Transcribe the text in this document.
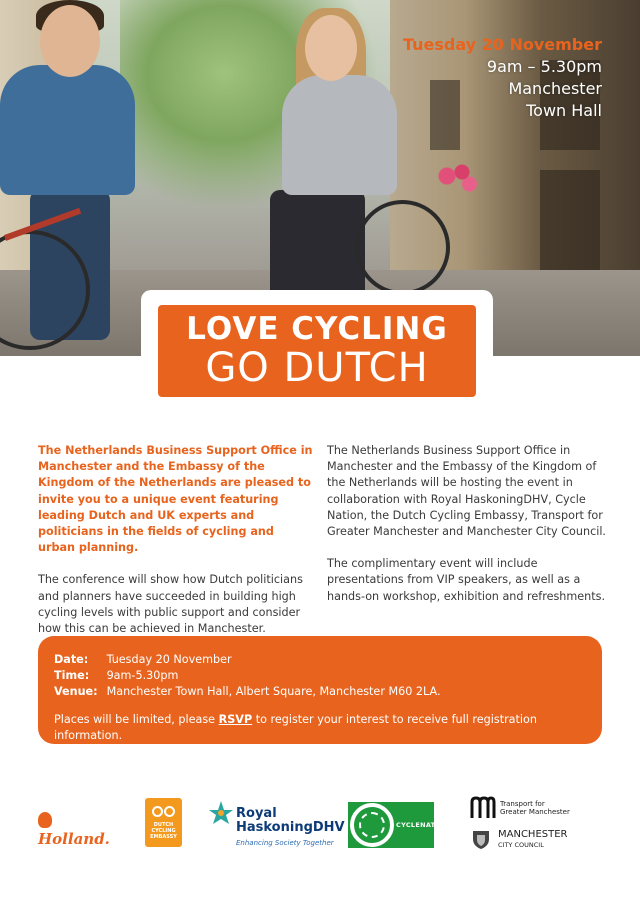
Tuesday 20 November
9am – 5.30pm
Manchester
Town Hall
LOVE CYCLING
GO DUTCH

The Netherlands Business Support Office in Manchester and the Embassy of the Kingdom of the Netherlands are pleased to invite you to a unique event featuring leading Dutch and UK experts and politicians in the fields of cycling and urban planning.

The conference will show how Dutch politicians and planners have succeeded in building high cycling levels with public support and consider how this can be achieved in Manchester.

The Netherlands Business Support Office in Manchester and the Embassy of the Kingdom of the Netherlands will be hosting the event in collaboration with Royal HaskoningDHV, Cycle Nation, the Dutch Cycling Embassy, Transport for Greater Manchester and Manchester City Council.

The complimentary event will include presentations from VIP speakers, as well as a hands-on workshop, exhibition and refreshments.

Date: Tuesday 20 November
Time: 9am-5.30pm
Venue: Manchester Town Hall, Albert Square, Manchester M60 2LA.
Places will be limited, please RSVP to register your interest to receive full registration information.
Holland.
DUTCH
CYCLING
EMBASSY
Royal
HaskoningDHV
Enhancing Society Together
CYCLENATION
Transport for
Greater Manchester
MANCHESTER
CITY COUNCIL
